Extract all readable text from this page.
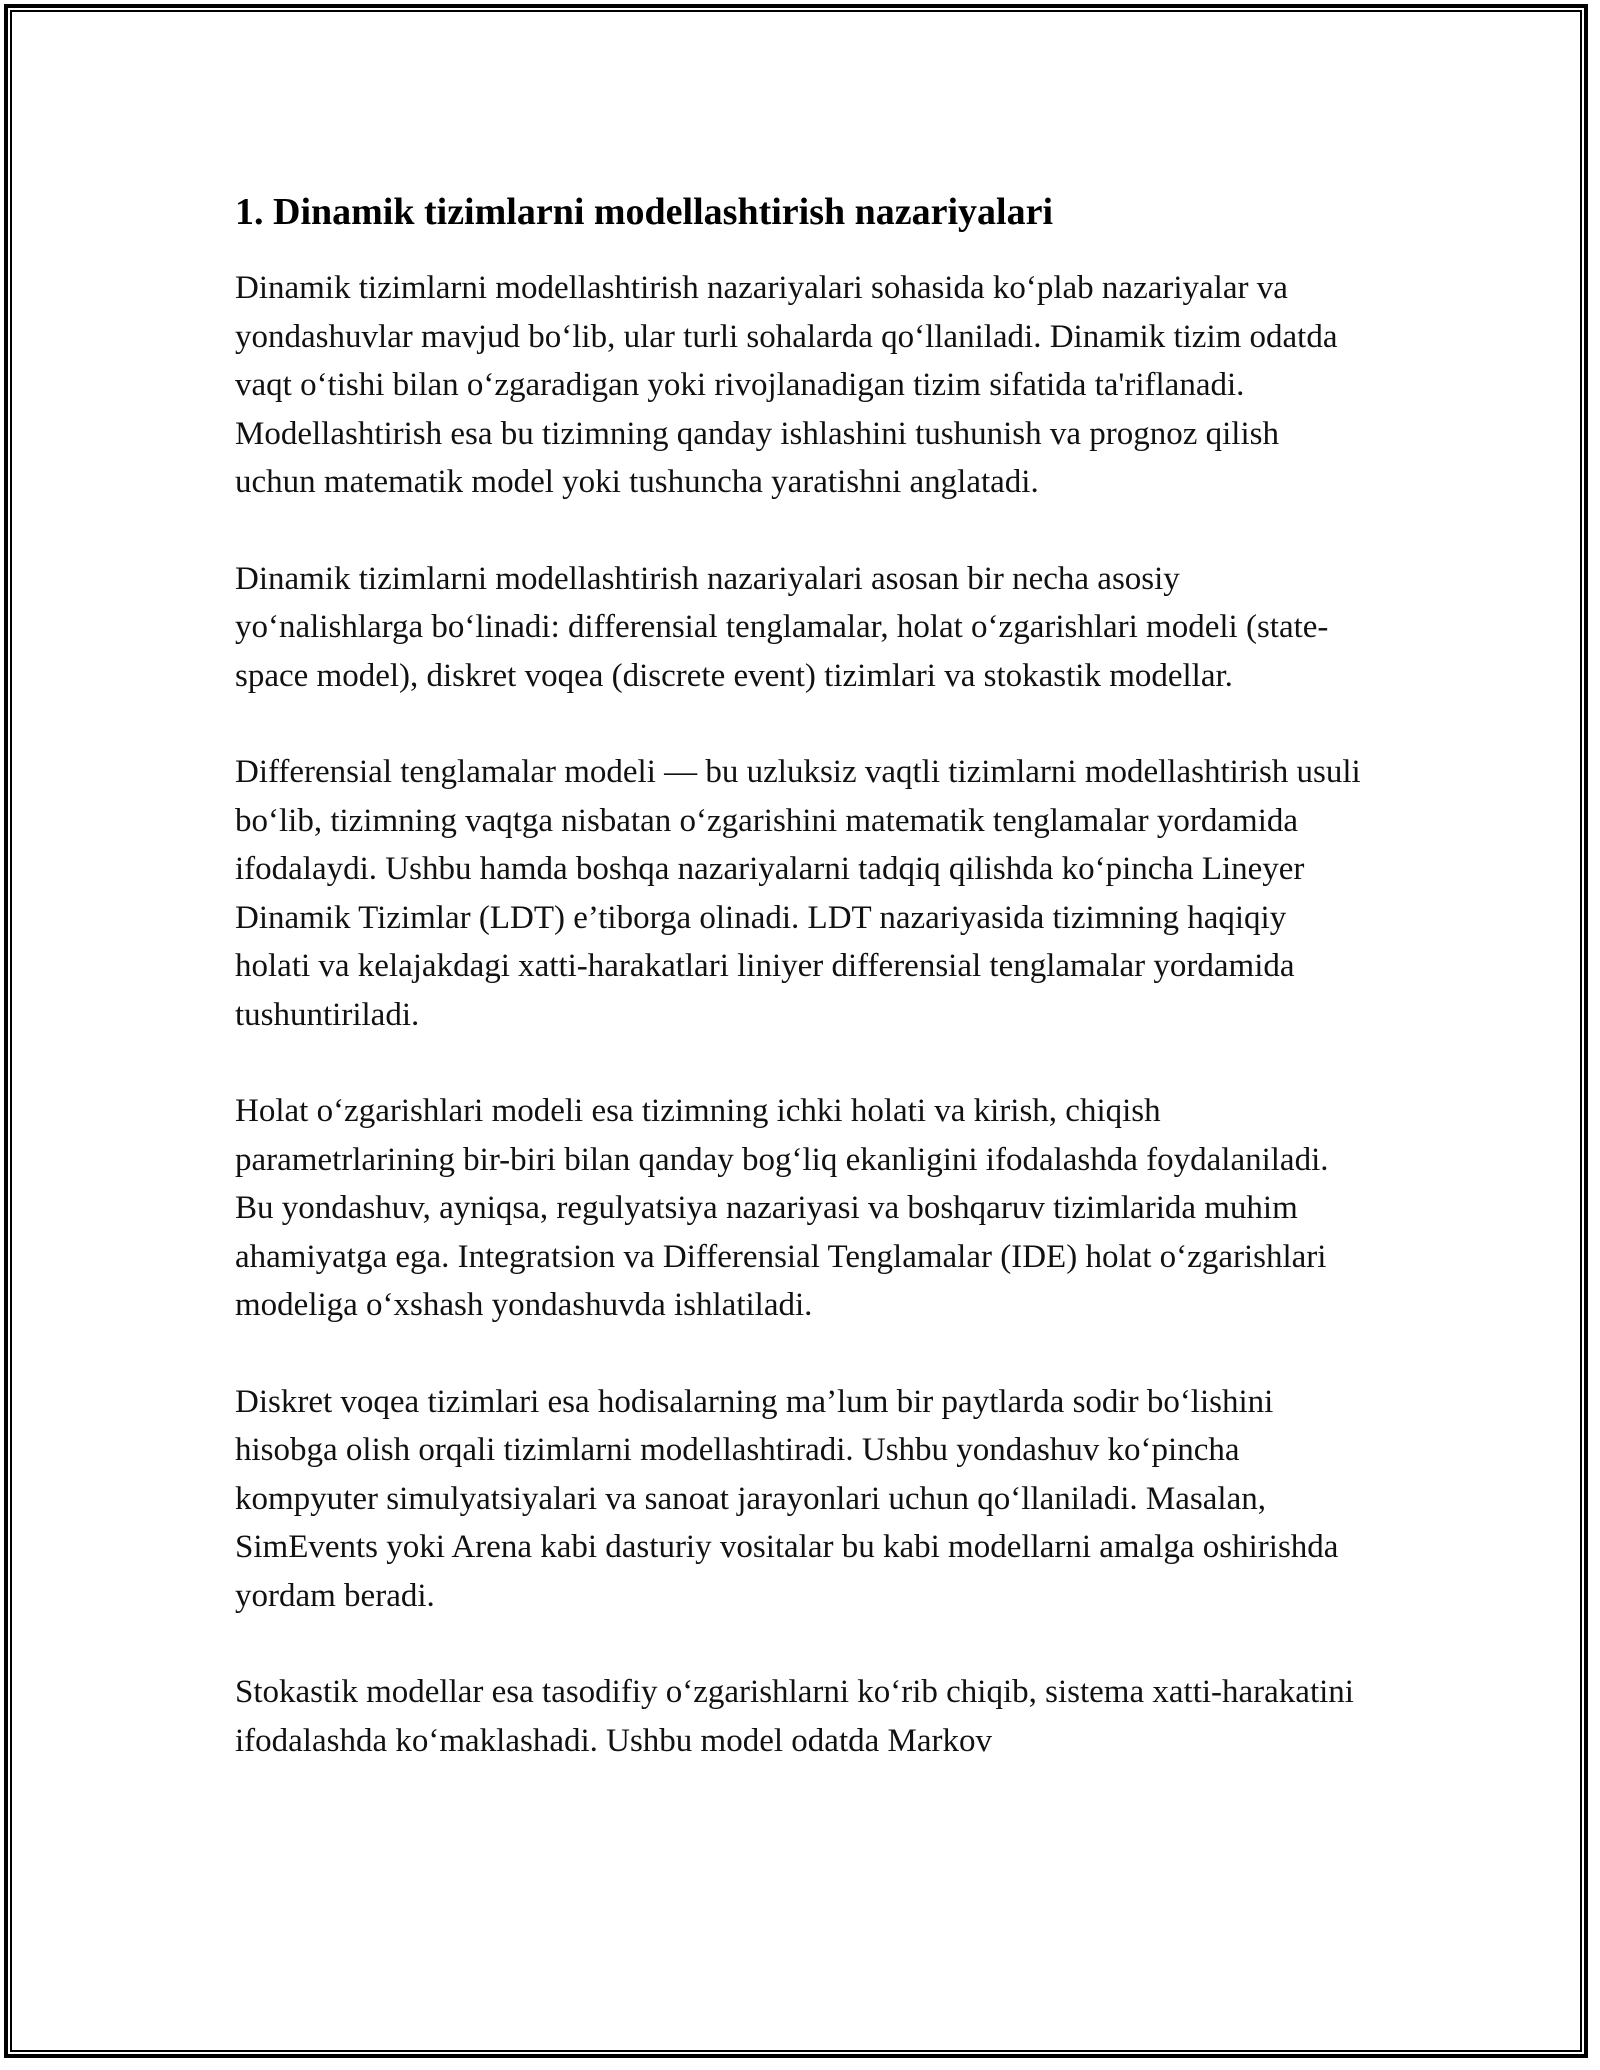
1. Dinamik tizimlarni modellashtirish nazariyalari

Dinamik tizimlarni modellashtirish nazariyalari sohasida ko‘plab nazariyalar va yondashuvlar mavjud bo‘lib, ular turli sohalarda qo‘llaniladi. Dinamik tizim odatda vaqt o‘tishi bilan o‘zgaradigan yoki rivojlanadigan tizim sifatida ta'riflanadi. Modellashtirish esa bu tizimning qanday ishlashini tushunish va prognoz qilish uchun matematik model yoki tushuncha yaratishni anglatadi.

Dinamik tizimlarni modellashtirish nazariyalari asosan bir necha asosiy yo‘nalishlarga bo‘linadi: differensial tenglamalar, holat o‘zgarishlari modeli (state-space model), diskret voqea (discrete event) tizimlari va stokastik modellar.

Differensial tenglamalar modeli — bu uzluksiz vaqtli tizimlarni modellashtirish usuli bo‘lib, tizimning vaqtga nisbatan o‘zgarishini matematik tenglamalar yordamida ifodalaydi. Ushbu hamda boshqa nazariyalarni tadqiq qilishda ko‘pincha Lineyer Dinamik Tizimlar (LDT) e’tiborga olinadi. LDT nazariyasida tizimning haqiqiy holati va kelajakdagi xatti-harakatlari liniyer differensial tenglamalar yordamida tushuntiriladi.

Holat o‘zgarishlari modeli esa tizimning ichki holati va kirish, chiqish parametrlarining bir-biri bilan qanday bog‘liq ekanligini ifodalashda foydalaniladi. Bu yondashuv, ayniqsa, regulyatsiya nazariyasi va boshqaruv tizimlarida muhim ahamiyatga ega. Integratsion va Differensial Tenglamalar (IDE) holat o‘zgarishlari modeliga o‘xshash yondashuvda ishlatiladi.

Diskret voqea tizimlari esa hodisalarning ma’lum bir paytlarda sodir bo‘lishini hisobga olish orqali tizimlarni modellashtiradi. Ushbu yondashuv ko‘pincha kompyuter simulyatsiyalari va sanoat jarayonlari uchun qo‘llaniladi. Masalan, SimEvents yoki Arena kabi dasturiy vositalar bu kabi modellarni amalga oshirishda yordam beradi.

Stokastik modellar esa tasodifiy o‘zgarishlarni ko‘rib chiqib, sistema xatti-harakatini ifodalashda ko‘maklashadi. Ushbu model odatda Markov
